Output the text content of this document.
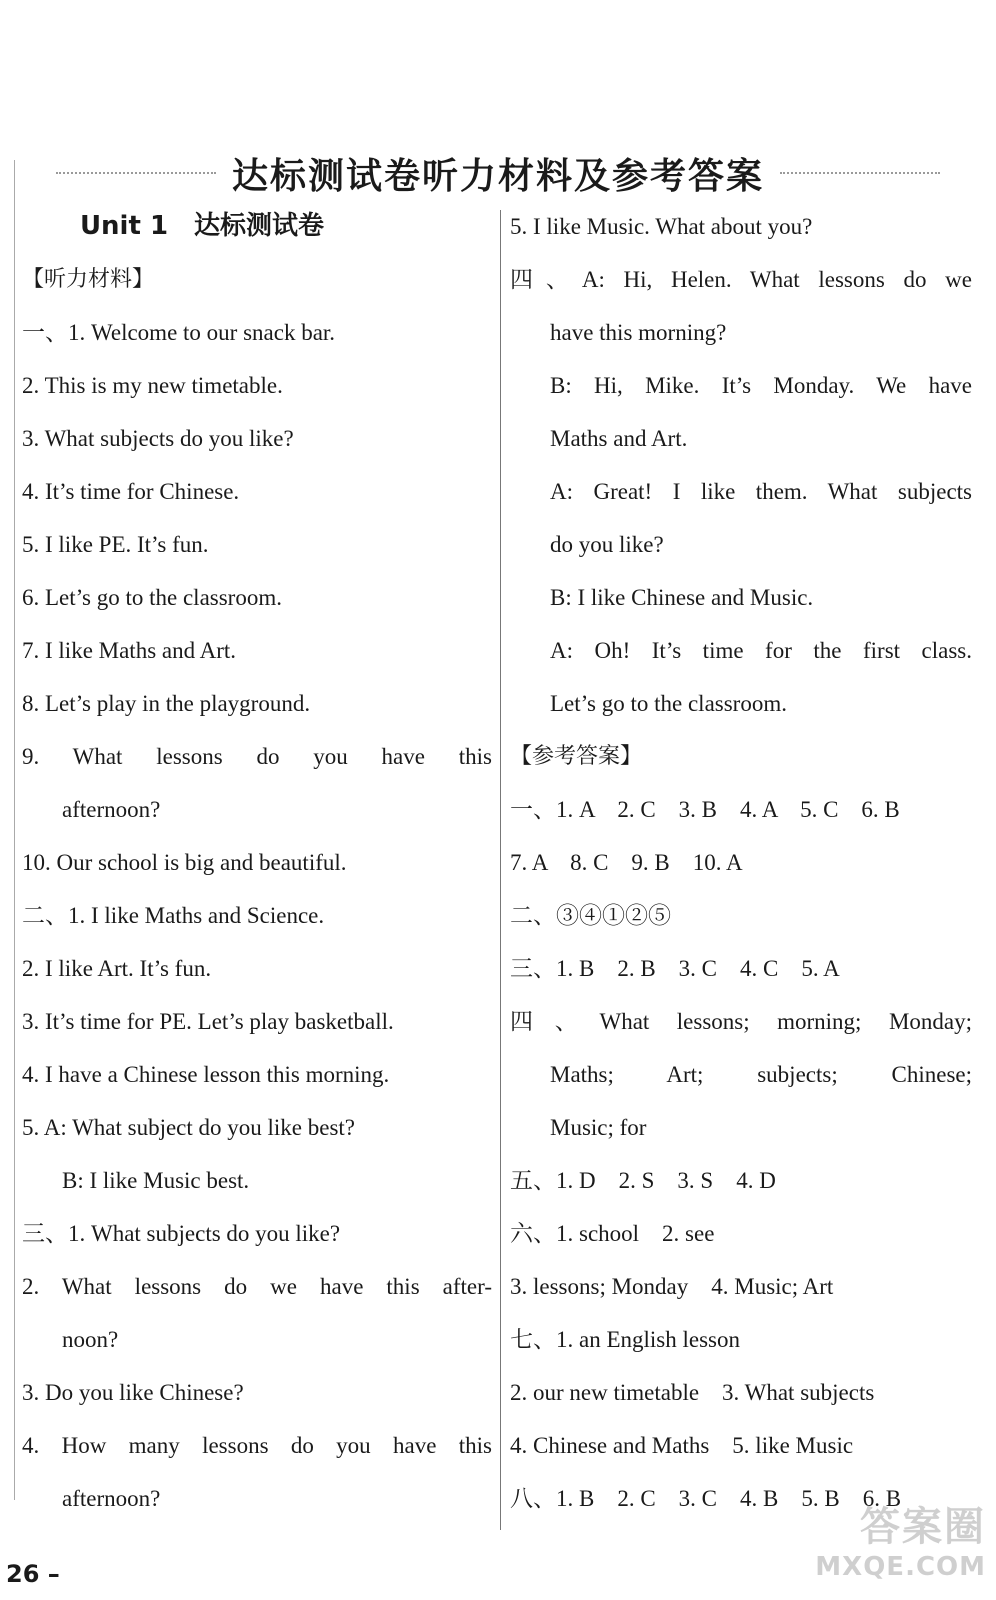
达标测试卷听力材料及参考答案
Unit 1　达标测试卷
【听力材料】
一、1. Welcome to our snack bar.
2. This is my new timetable.
3. What subjects do you like?
4. It’s time for Chinese.
5. I like PE. It’s fun.
6. Let’s go to the classroom.
7. I like Maths and Art.
8. Let’s play in the playground.
9. What lessons do you have this
afternoon?
10. Our school is big and beautiful.
二、1. I like Maths and Science.
2. I like Art. It’s fun.
3. It’s time for PE. Let’s play basketball.
4. I have a Chinese lesson this morning.
5. A: What subject do you like best?
B: I like Music best.
三、1. What subjects do you like?
2. What lessons do we have this after-
noon?
3. Do you like Chinese?
4. How many lessons do you have this
afternoon?
5. I like Music. What about you?
四、A: Hi, Helen. What lessons do we
have this morning?
B: Hi, Mike. It’s Monday. We have
Maths and Art.
A: Great! I like them. What subjects
do you like?
B: I like Chinese and Music.
A: Oh! It’s time for the first class.
Let’s go to the classroom.
【参考答案】
一、1. A　2. C　3. B　4. A　5. C　6. B
7. A　8. C　9. B　10. A
二、③④①②⑤
三、1. B　2. B　3. C　4. C　5. A
四、What lessons; morning; Monday;
Maths; Art; subjects; Chinese;
Music; for
五、1. D　2. S　3. S　4. D
六、1. school　2. see
3. lessons; Monday　4. Music; Art
七、1. an English lesson
2. our new timetable　3. What subjects
4. Chinese and Maths　5. like Music
八、1. B　2. C　3. C　4. B　5. B　6. B
26 –
答案圈
MXQE.COM
